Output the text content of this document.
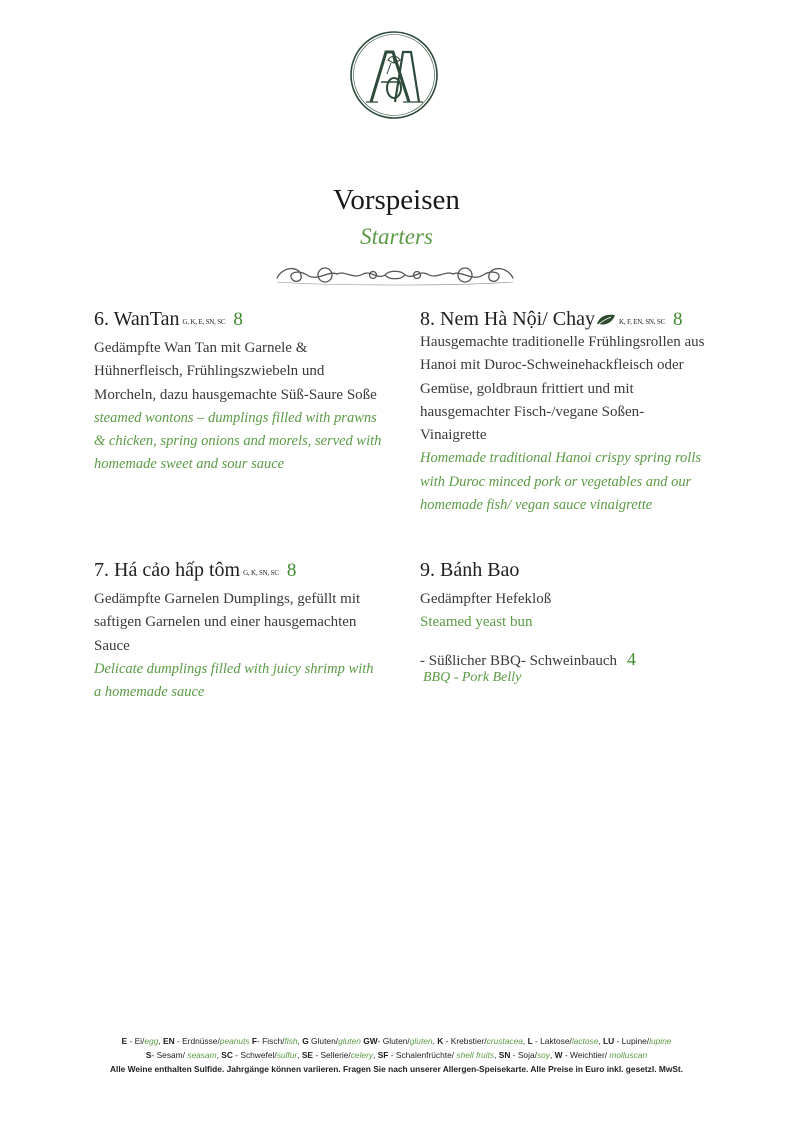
Vorspeisen
Starters
6. WanTan G, K, E, SN, SC 8
Gedämpfte Wan Tan mit Garnele & Hühnerfleisch, Frühlingszwiebeln und Morcheln, dazu hausgemachte Süß-Saure Soße
steamed wontons – dumplings filled with prawns & chicken, spring onions and morels, served with homemade sweet and sour sauce
8. Nem Hà Nội/ Chay	K, F, EN, SN, SC 8
Hausgemachte traditionelle Frühlingsrollen aus Hanoi mit Duroc-Schweinehackfleisch oder Gemüse, goldbraun frittiert und mit hausgemachter Fisch-/vegane Soßen-Vinaigrette
Homemade traditional Hanoi crispy spring rolls with Duroc minced pork or vegetables and our homemade fish/ vegan sauce vinaigrette
7. Há cảo hấp tôm G, K, SN, SC 8
Gedämpfte Garnelen Dumplings, gefüllt mit saftigen Garnelen und einer hausgemachten Sauce
Delicate dumplings filled with juicy shrimp with a homemade sauce
9. Bánh Bao
Gedämpfter Hefekloß
Steamed yeast bun
- Süßlicher BBQ- Schweinbauch 4
BBQ - Pork Belly
E - Ei/egg, EN - Erdnüsse/peanuts F- Fisch/fish, G Gluten/gluten GW- Gluten/gluten, K - Krebstier/crustacea, L - Laktose/lactose, LU - Lupine/lupine
S- Sesam/ seasam, SC - Schwefel/sulfur, SE - Sellerie/celery, SF - Schalenfrüchte/ shell fruits, SN - Soja/soy, W - Weichtier/ molluscan
Alle Weine enthalten Sulfide. Jahrgänge können variieren. Fragen Sie nach unserer Allergen-Speisekarte. Alle Preise in Euro inkl. gesetzl. MwSt.
